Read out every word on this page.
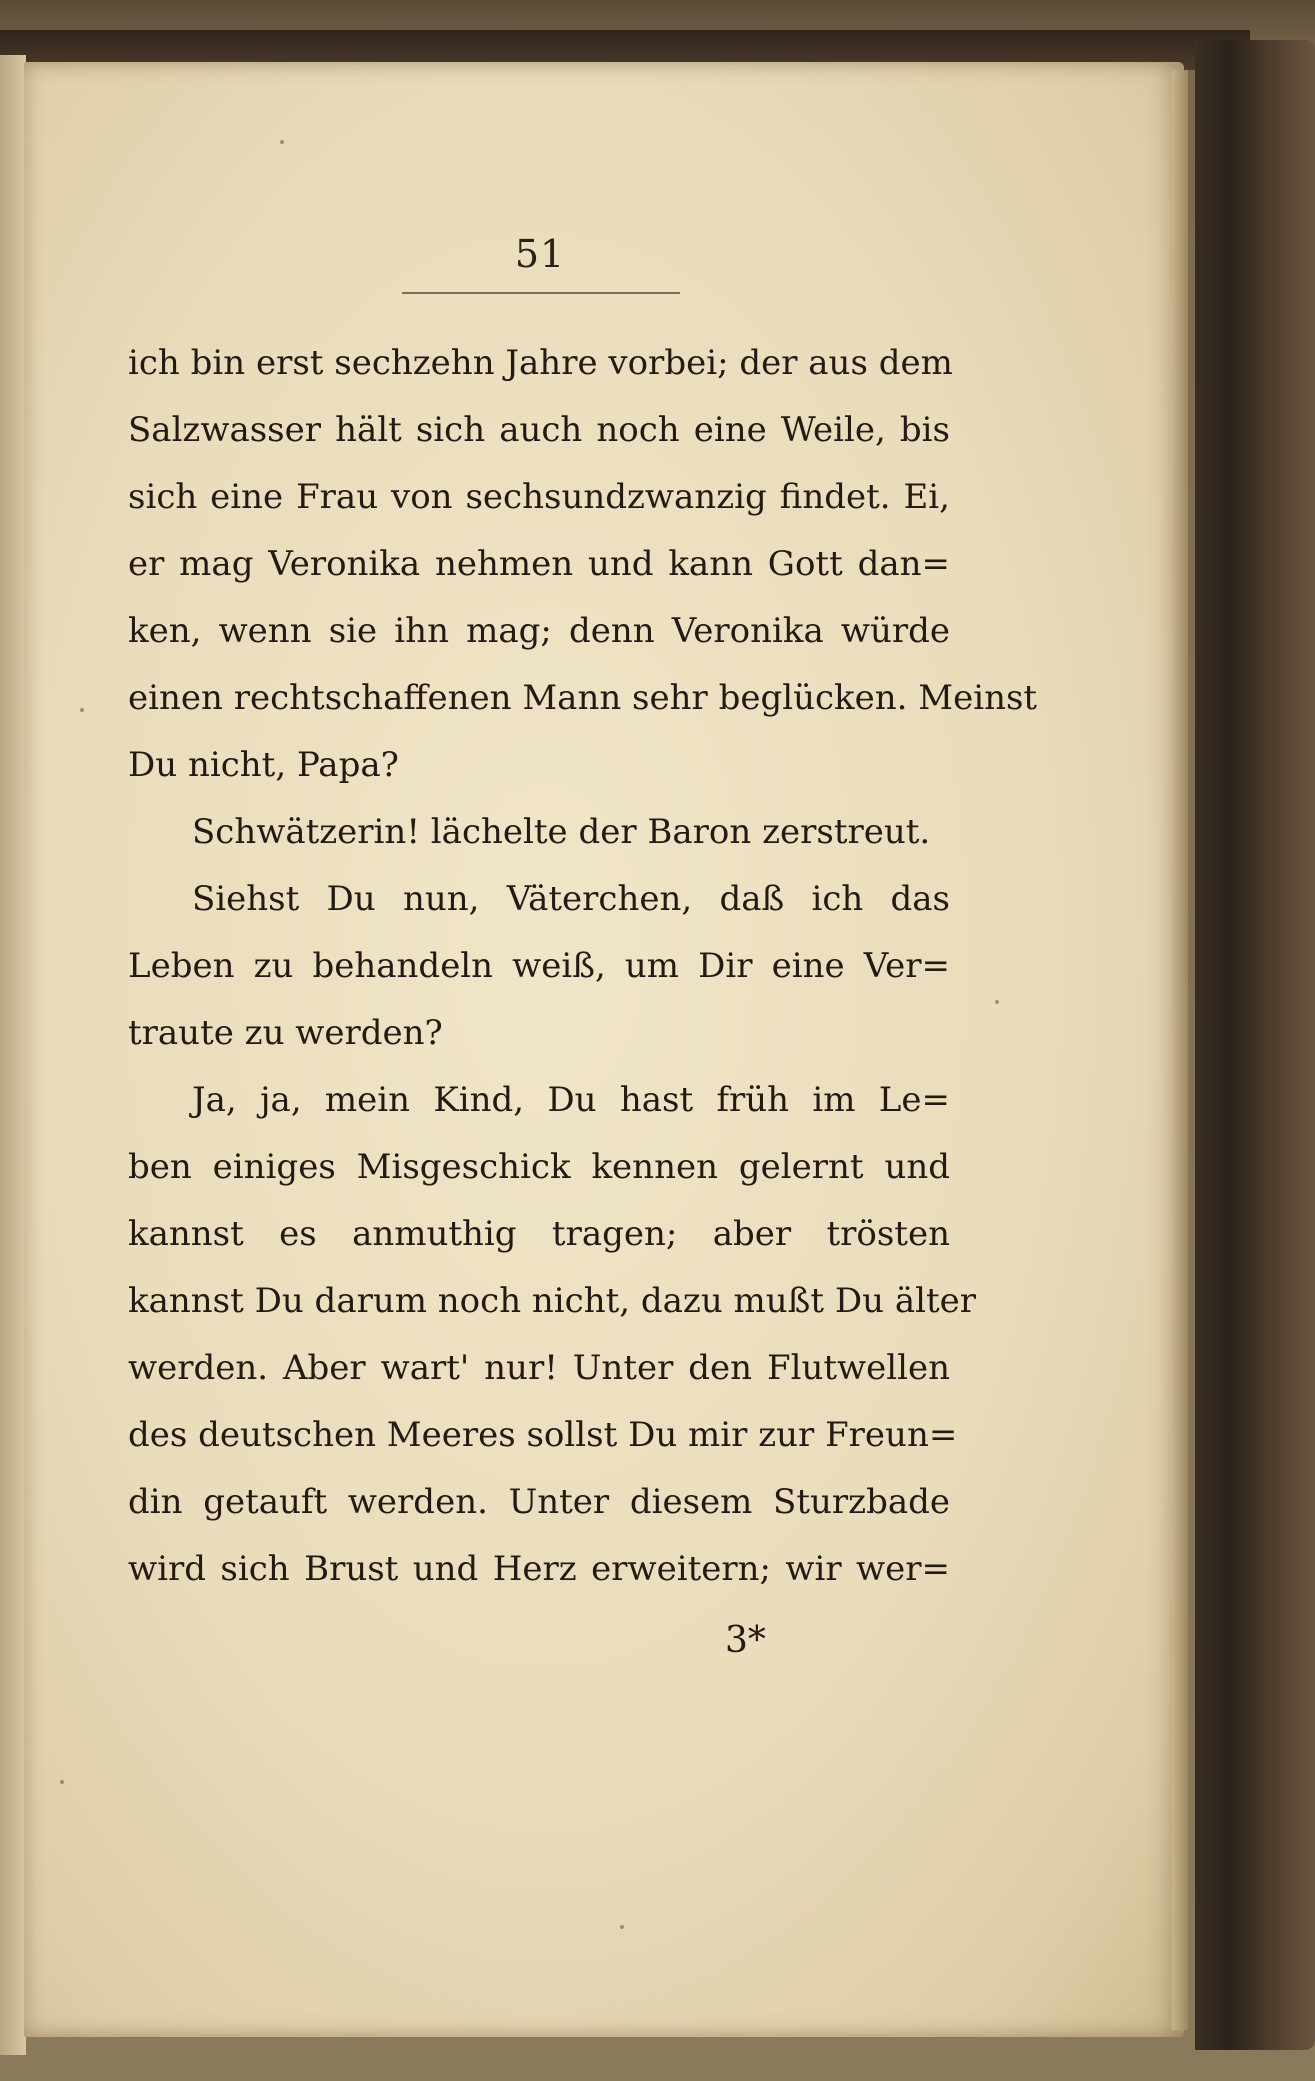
51
ich bin erst sechzehn Jahre vorbei; der aus dem
Salzwasser hält sich auch noch eine Weile, bis
sich eine Frau von sechsundzwanzig findet. Ei,
er mag Veronika nehmen und kann Gott dan=
ken, wenn sie ihn mag; denn Veronika würde
einen rechtschaffenen Mann sehr beglücken. Meinst
Du nicht, Papa?
Schwätzerin! lächelte der Baron zerstreut.
Siehst Du nun, Väterchen, daß ich das
Leben zu behandeln weiß, um Dir eine Ver=
traute zu werden?
Ja, ja, mein Kind, Du hast früh im Le=
ben einiges Misgeschick kennen gelernt und
kannst es anmuthig tragen; aber trösten
kannst Du darum noch nicht, dazu mußt Du älter
werden. Aber wart' nur! Unter den Flutwellen
des deutschen Meeres sollst Du mir zur Freun=
din getauft werden. Unter diesem Sturzbade
wird sich Brust und Herz erweitern; wir wer=
3*
